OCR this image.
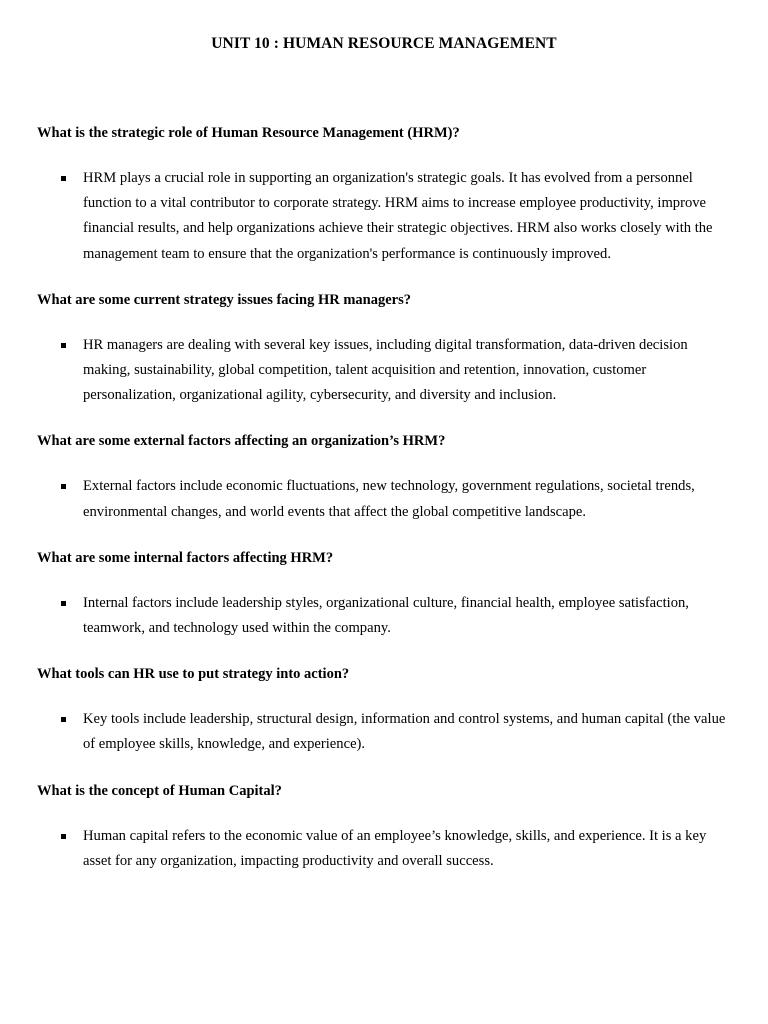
UNIT 10 : HUMAN RESOURCE MANAGEMENT

What is the strategic role of Human Resource Management (HRM)?

HRM plays a crucial role in supporting an organization's strategic goals. It has evolved from a personnel function to a vital contributor to corporate strategy. HRM aims to increase employee productivity, improve financial results, and help organizations achieve their strategic objectives. HRM also works closely with the management team to ensure that the organization's performance is continuously improved.

What are some current strategy issues facing HR managers?

HR managers are dealing with several key issues, including digital transformation, data-driven decision making, sustainability, global competition, talent acquisition and retention, innovation, customer personalization, organizational agility, cybersecurity, and diversity and inclusion.

What are some external factors affecting an organization’s HRM?

External factors include economic fluctuations, new technology, government regulations, societal trends, environmental changes, and world events that affect the global competitive landscape.

What are some internal factors affecting HRM?

Internal factors include leadership styles, organizational culture, financial health, employee satisfaction, teamwork, and technology used within the company.

What tools can HR use to put strategy into action?

Key tools include leadership, structural design, information and control systems, and human capital (the value of employee skills, knowledge, and experience).

What is the concept of Human Capital?

Human capital refers to the economic value of an employee’s knowledge, skills, and experience. It is a key asset for any organization, impacting productivity and overall success.
